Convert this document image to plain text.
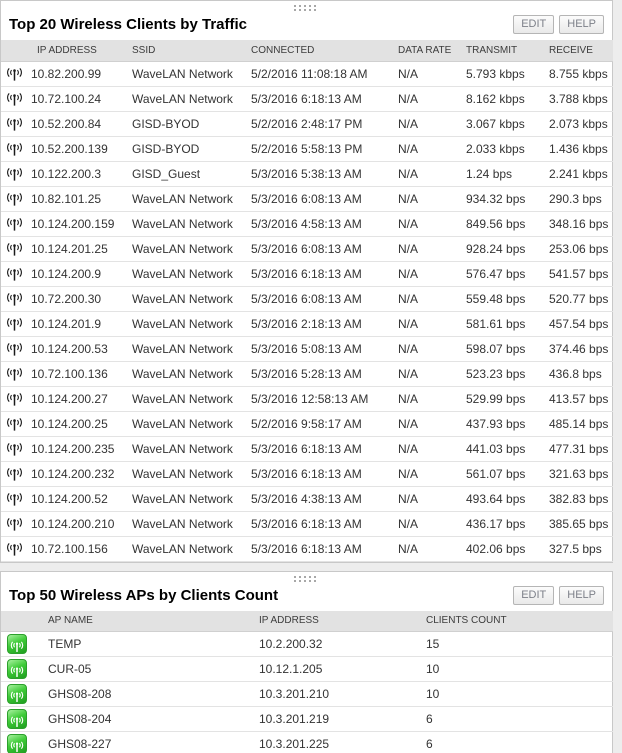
Top 20 Wireless Clients by Traffic	EDIT	HELP
	IP ADDRESS	SSID	CONNECTED	DATA RATE	TRANSMIT	RECEIVE

	10.82.200.99	WaveLAN Network	5/2/2016 11:08:18 AM	N/A	5.793 kbps	8.755 kbps

	10.72.100.24	WaveLAN Network	5/3/2016 6:18:13 AM	N/A	8.162 kbps	3.788 kbps

	10.52.200.84	GISD-BYOD	5/2/2016 2:48:17 PM	N/A	3.067 kbps	2.073 kbps

	10.52.200.139	GISD-BYOD	5/2/2016 5:58:13 PM	N/A	2.033 kbps	1.436 kbps

	10.122.200.3	GISD_Guest	5/3/2016 5:38:13 AM	N/A	1.24 bps	2.241 kbps

	10.82.101.25	WaveLAN Network	5/3/2016 6:08:13 AM	N/A	934.32 bps	290.3 bps

	10.124.200.159	WaveLAN Network	5/3/2016 4:58:13 AM	N/A	849.56 bps	348.16 bps

	10.124.201.25	WaveLAN Network	5/3/2016 6:08:13 AM	N/A	928.24 bps	253.06 bps

	10.124.200.9	WaveLAN Network	5/3/2016 6:18:13 AM	N/A	576.47 bps	541.57 bps

	10.72.200.30	WaveLAN Network	5/3/2016 6:08:13 AM	N/A	559.48 bps	520.77 bps

	10.124.201.9	WaveLAN Network	5/3/2016 2:18:13 AM	N/A	581.61 bps	457.54 bps

	10.124.200.53	WaveLAN Network	5/3/2016 5:08:13 AM	N/A	598.07 bps	374.46 bps

	10.72.100.136	WaveLAN Network	5/3/2016 5:28:13 AM	N/A	523.23 bps	436.8 bps

	10.124.200.27	WaveLAN Network	5/3/2016 12:58:13 AM	N/A	529.99 bps	413.57 bps

	10.124.200.25	WaveLAN Network	5/2/2016 9:58:17 AM	N/A	437.93 bps	485.14 bps

	10.124.200.235	WaveLAN Network	5/3/2016 6:18:13 AM	N/A	441.03 bps	477.31 bps

	10.124.200.232	WaveLAN Network	5/3/2016 6:18:13 AM	N/A	561.07 bps	321.63 bps

	10.124.200.52	WaveLAN Network	5/3/2016 4:38:13 AM	N/A	493.64 bps	382.83 bps

	10.124.200.210	WaveLAN Network	5/3/2016 6:18:13 AM	N/A	436.17 bps	385.65 bps

	10.72.100.156	WaveLAN Network	5/3/2016 6:18:13 AM	N/A	402.06 bps	327.5 bps
Top 50 Wireless APs by Clients Count	EDIT	HELP
	AP NAME	IP ADDRESS	CLIENTS COUNT

	TEMP	10.2.200.32	15

	CUR-05	10.12.1.205	10

	GHS08-208	10.3.201.210	10

	GHS08-204	10.3.201.219	6

	GHS08-227	10.3.201.225	6
